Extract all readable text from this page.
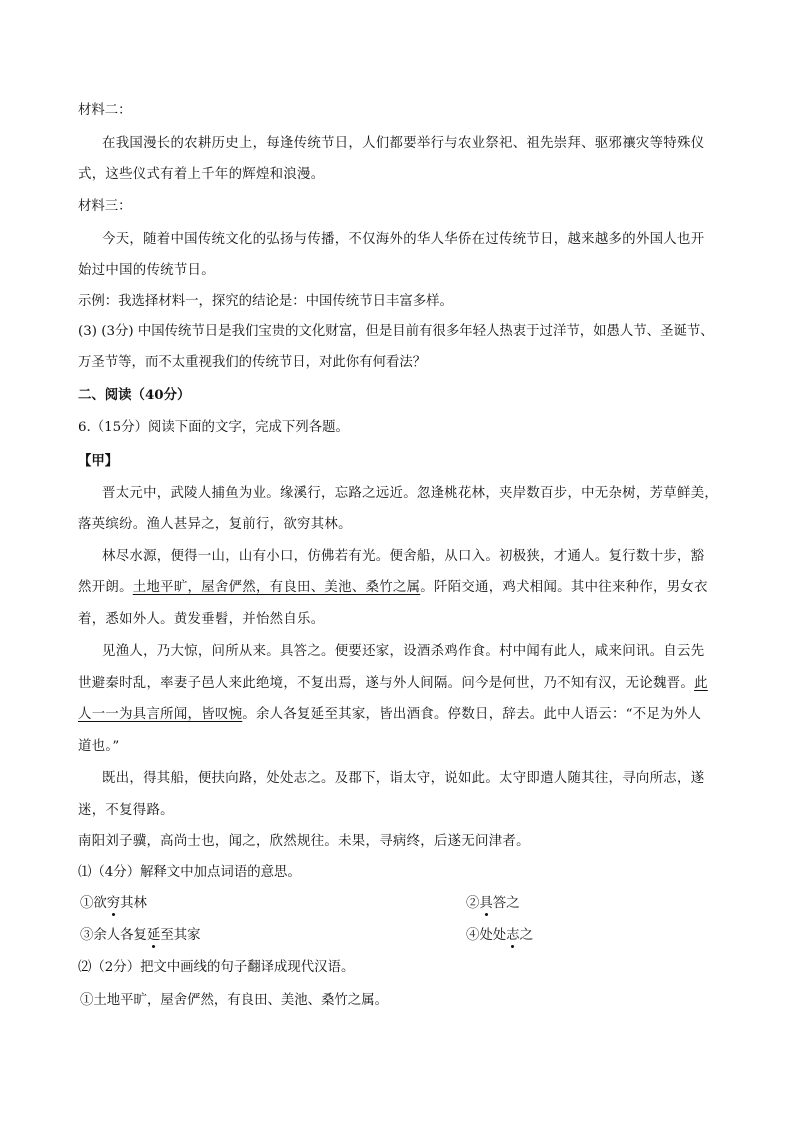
材料二：
在我国漫长的农耕历史上，每逢传统节日，人们都要举行与农业祭祀、祖先崇拜、驱邪禳灾等特殊仪
式，这些仪式有着上千年的辉煌和浪漫。
材料三：
今天，随着中国传统文化的弘扬与传播，不仅海外的华人华侨在过传统节日，越来越多的外国人也开
始过中国的传统节日。
示例：我选择材料一，探究的结论是：中国传统节日丰富多样。
(3) (3分) 中国传统节日是我们宝贵的文化财富，但是目前有很多年轻人热衷于过洋节，如愚人节、圣诞节、
万圣节等，而不太重视我们的传统节日，对此你有何看法？
二、阅读（40分）
6.（15分）阅读下面的文字，完成下列各题。
【甲】
晋太元中，武陵人捕鱼为业。缘溪行，忘路之远近。忽逢桃花林，夹岸数百步，中无杂树，芳草鲜美，
落英缤纷。渔人甚异之，复前行，欲穷其林。
林尽水源，便得一山，山有小口，仿佛若有光。便舍船，从口入。初极狭，才通人。复行数十步，豁
然开朗。土地平旷，屋舍俨然，有良田、美池、桑竹之属。阡陌交通，鸡犬相闻。其中往来种作，男女衣
着，悉如外人。黄发垂髫，并怡然自乐。
见渔人，乃大惊，问所从来。具答之。便要还家，设酒杀鸡作食。村中闻有此人，咸来问讯。自云先
世避秦时乱，率妻子邑人来此绝境，不复出焉，遂与外人间隔。问今是何世，乃不知有汉，无论魏晋。此
人一一为具言所闻，皆叹惋。余人各复延至其家，皆出酒食。停数日，辞去。此中人语云：“不足为外人
道也。”
既出，得其船，便扶向路，处处志之。及郡下，诣太守，说如此。太守即遣人随其往，寻向所志，遂
迷，不复得路。
南阳刘子骥，高尚士也，闻之，欣然规往。未果，寻病终，后遂无问津者。
⑴（4分）解释文中加点词语的意思。
①欲穷其林	②具答之
③余人各复延至其家	④处处志之
⑵（2分）把文中画线的句子翻译成现代汉语。
①土地平旷，屋舍俨然，有良田、美池、桑竹之属。
